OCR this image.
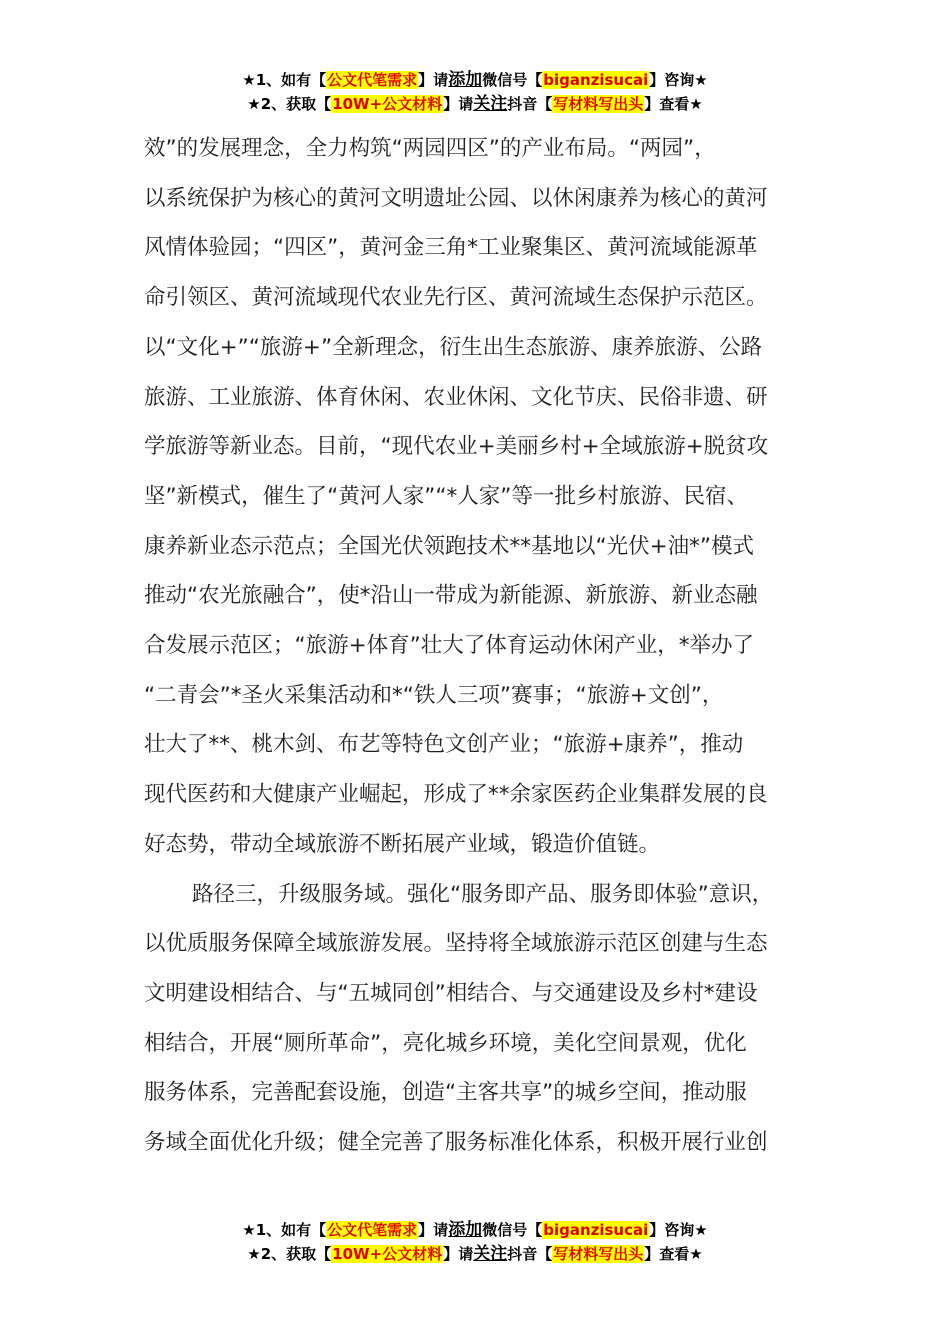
★1、如有【公文代笔需求】请添加微信号【biganzisucai】咨询★
★2、获取【10W+公文材料】请关注抖音【写材料写出头】查看★

效”的发展理念，全力构筑“两园四区”的产业布局。“两园”，
以系统保护为核心的黄河文明遗址公园、以休闲康养为核心的黄河
风情体验园；“四区”，黄河金三角*工业聚集区、黄河流域能源革
命引领区、黄河流域现代农业先行区、黄河流域生态保护示范区。
以“文化+”“旅游+”全新理念，衍生出生态旅游、康养旅游、公路
旅游、工业旅游、体育休闲、农业休闲、文化节庆、民俗非遗、研
学旅游等新业态。目前，“现代农业+美丽乡村+全域旅游+脱贫攻
坚”新模式，催生了“黄河人家”“*人家”等一批乡村旅游、民宿、
康养新业态示范点；全国光伏领跑技术**基地以“光伏+油*”模式
推动“农光旅融合”，使*沿山一带成为新能源、新旅游、新业态融
合发展示范区；“旅游+体育”壮大了体育运动休闲产业，*举办了
“二青会”*圣火采集活动和*“铁人三项”赛事；“旅游+文创”，
壮大了**、桃木剑、布艺等特色文创产业；“旅游+康养”，推动
现代医药和大健康产业崛起，形成了**余家医药企业集群发展的良
好态势，带动全域旅游不断拓展产业域，锻造价值链。

路径三，升级服务域。强化“服务即产品、服务即体验”意识，
以优质服务保障全域旅游发展。坚持将全域旅游示范区创建与生态
文明建设相结合、与“五城同创”相结合、与交通建设及乡村*建设
相结合，开展“厕所革命”，亮化城乡环境，美化空间景观，优化
服务体系，完善配套设施，创造“主客共享”的城乡空间，推动服
务域全面优化升级；健全完善了服务标准化体系，积极开展行业创

★1、如有【公文代笔需求】请添加微信号【biganzisucai】咨询★
★2、获取【10W+公文材料】请关注抖音【写材料写出头】查看★
